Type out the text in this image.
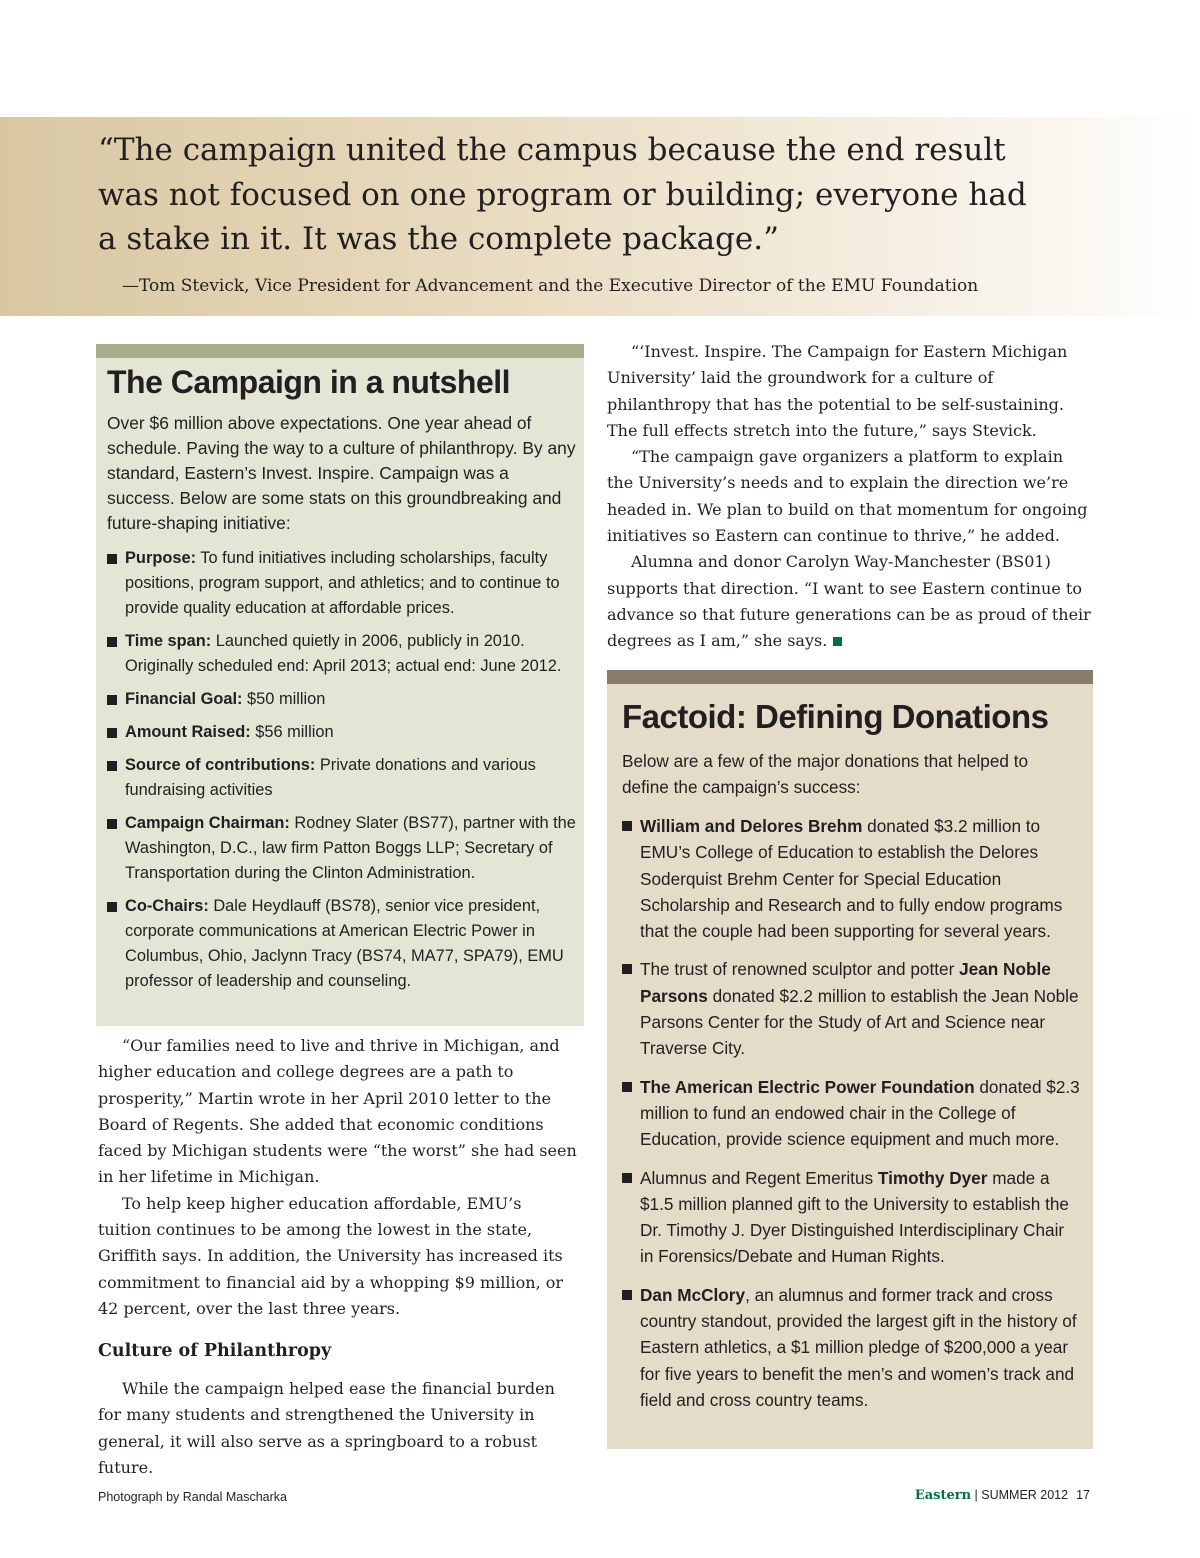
“The campaign united the campus because the end result was not focused on one program or building; everyone had a stake in it. It was the complete package.”

—Tom Stevick, Vice President for Advancement and the Executive Director of the EMU Foundation

The Campaign in a nutshell

Over $6 million above expectations. One year ahead of schedule. Paving the way to a culture of philanthropy. By any standard, Eastern’s Invest. Inspire. Campaign was a success. Below are some stats on this groundbreaking and future-shaping initiative:

Purpose: To fund initiatives including scholarships, faculty positions, program support, and athletics; and to continue to provide quality education at affordable prices.
Time span: Launched quietly in 2006, publicly in 2010. Originally scheduled end: April 2013; actual end: June 2012.
Financial Goal: $50 million
Amount Raised: $56 million
Source of contributions: Private donations and various fundraising activities
Campaign Chairman: Rodney Slater (BS77), partner with the Washington, D.C., law firm Patton Boggs LLP; Secretary of Transportation during the Clinton Administration.
Co-Chairs: Dale Heydlauff (BS78), senior vice president, corporate communications at American Electric Power in Columbus, Ohio, Jaclynn Tracy (BS74, MA77, SPA79), EMU professor of leadership and counseling.

“Our families need to live and thrive in Michigan, and higher education and college degrees are a path to prosperity,” Martin wrote in her April 2010 letter to the Board of Regents. She added that economic conditions faced by Michigan students were “the worst” she had seen in her lifetime in Michigan.

To help keep higher education affordable, EMU’s tuition continues to be among the lowest in the state, Griffith says. In addition, the University has increased its commitment to financial aid by a whopping $9 million, or 42 percent, over the last three years.

Culture of Philanthropy

While the campaign helped ease the financial burden for many students and strengthened the University in general, it will also serve as a springboard to a robust future.

“‘Invest. Inspire. The Campaign for Eastern Michigan University’ laid the groundwork for a culture of philanthropy that has the potential to be self-sustaining. The full effects stretch into the future,” says Stevick.

“The campaign gave organizers a platform to explain the University’s needs and to explain the direction we’re headed in. We plan to build on that momentum for ongoing initiatives so Eastern can continue to thrive,” he added.

Alumna and donor Carolyn Way-Manchester (BS01) supports that direction. “I want to see Eastern continue to advance so that future generations can be as proud of their degrees as I am,” she says.

Factoid: Defining Donations

Below are a few of the major donations that helped to define the campaign’s success:

William and Delores Brehm donated $3.2 million to EMU’s College of Education to establish the Delores Soderquist Brehm Center for Special Education Scholarship and Research and to fully endow programs that the couple had been supporting for several years.
The trust of renowned sculptor and potter Jean Noble Parsons donated $2.2 million to establish the Jean Noble Parsons Center for the Study of Art and Science near Traverse City.
The American Electric Power Foundation donated $2.3 million to fund an endowed chair in the College of Education, provide science equipment and much more.
Alumnus and Regent Emeritus Timothy Dyer made a $1.5 million planned gift to the University to establish the Dr. Timothy J. Dyer Distinguished Interdisciplinary Chair in Forensics/Debate and Human Rights.
Dan McClory, an alumnus and former track and cross country standout, provided the largest gift in the history of Eastern athletics, a $1 million pledge of $200,000 a year for five years to benefit the men’s and women’s track and field and cross country teams.

Photograph by Randal Mascharka	Eastern | SUMMER 2012 17
